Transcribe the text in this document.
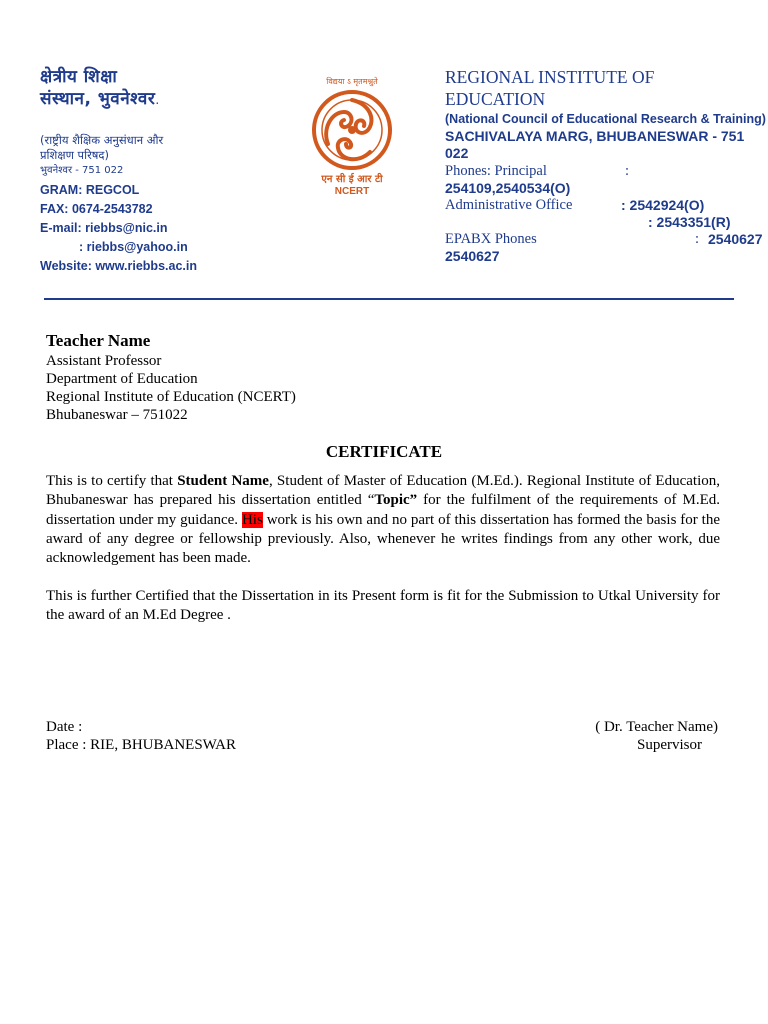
क्षेत्रीय शिक्षा
संस्थान, भुवनेश्वर.
(राष्ट्रीय शैक्षिक अनुसंधान और
प्रशिक्षण परिषद)
भुवनेश्वर - 751 022
GRAM: REGCOL
FAX: 0674-2543782
E-mail: riebbs@nic.in
: riebbs@yahoo.in
Website: www.riebbs.ac.in
विद्यया ऽ मृतमश्नुते
एन सी ई आर टी
NCERT
REGIONAL INSTITUTE OF
EDUCATION
(National Council of Educational Research & Training)
SACHIVALAYA MARG, BHUBANESWAR - 751 022
Phones: Principal	:
254109,2540534(O)
Administrative Office	: 2542924(O)
: 2543351(R)
EPABX Phones	: 2540627
2540627
Teacher Name
Assistant Professor
Department of Education
Regional Institute of Education (NCERT)
Bhubaneswar – 751022
CERTIFICATE
This is to certify that Student Name, Student of Master of Education (M.Ed.). Regional Institute of Education, Bhubaneswar has prepared his dissertation entitled “Topic” for the fulfilment of the requirements of M.Ed. dissertation under my guidance. His work is his own and no part of this dissertation has formed the basis for the award of any degree or fellowship previously. Also, whenever he writes findings from any other work, due acknowledgement has been made.
This is further Certified that the Dissertation in its Present form is fit for the Submission to Utkal University for the award of an M.Ed Degree .
Date :
Place : RIE, BHUBANESWAR
( Dr. Teacher Name)
Supervisor
